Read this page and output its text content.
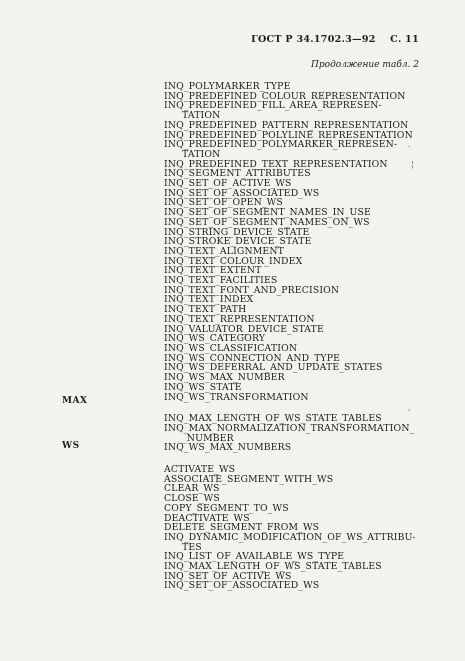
ГОСТ Р 34.1702.3—92 С. 11
Продолжение табл. 2
MAX
WS
INQ_POLYMARKER_TYPE
INQ_PREDEFINED_COLOUR_REPRESENTATION
INQ_PREDEFINED_FILL_AREA_REPRESEN-
TATION
INQ_PREDEFINED_PATTERN_REPRESENTATION
INQ_PREDEFINED_POLYLINE_REPRESENTATION
INQ_PREDEFINED_POLYMARKER_REPRESEN-
TATION
INQ_PREDEFINED_TEXT_REPRESENTATION
INQ_SEGMENT_ATTRIBUTES
INQ_SET_OF_ACTIVE_WS
INQ_SET_OF_ASSOCIATED_WS
INQ_SET_OF_OPEN_WS
INQ_SET_OF_SEGMENT_NAMES_IN_USE
INQ_SET_OF_SEGMENT_NAMES_ON_WS
INQ_STRING_DEVICE_STATE
INQ_STROKE_DEVICE_STATE
INQ_TEXT_ALIGNMENT
INQ_TEXT_COLOUR_INDEX
INQ_TEXT_EXTENT
INQ_TEXT_FACILITIES
INQ_TEXT_FONT_AND_PRECISION
INQ_TEXT_INDEX
INQ_TEXT_PATH
INQ_TEXT_REPRESENTATION
INQ_VALUATOR_DEVICE_STATE
INQ_WS_CATEGORY
INQ_WS_CLASSIFICATION
INQ_WS_CONNECTION_AND_TYPE
INQ_WS_DEFERRAL_AND_UPDATE_STATES
INQ_WS_MAX_NUMBER
INQ_WS_STATE
INQ_WS_TRANSFORMATION
INQ_MAX_LENGTH_OF_WS_STATE_TABLES
INQ_MAX_NORMALIZATION_TRANSFORMATION_
_NUMBER
INQ_WS_MAX_NUMBERS
ACTIVATE_WS
ASSOCIATE_SEGMENT_WITH_WS
CLEAR_WS
CLOSE_WS
COPY_SEGMENT_TO_WS
DEACTIVATE_WS
DELETE_SEGMENT_FROM_WS
INQ_DYNAMIC_MODIFICATION_OF_WS_ATTRIBU-
TES
INQ_LIST_OF_AVAILABLE_WS_TYPE
INQ_MAX_LENGTH_OF_WS_STATE_TABLES
INQ_SET_OF_ACTIVE_WS
INQ_SET_OF_ASSOCIATED_WS
.
¦
'
